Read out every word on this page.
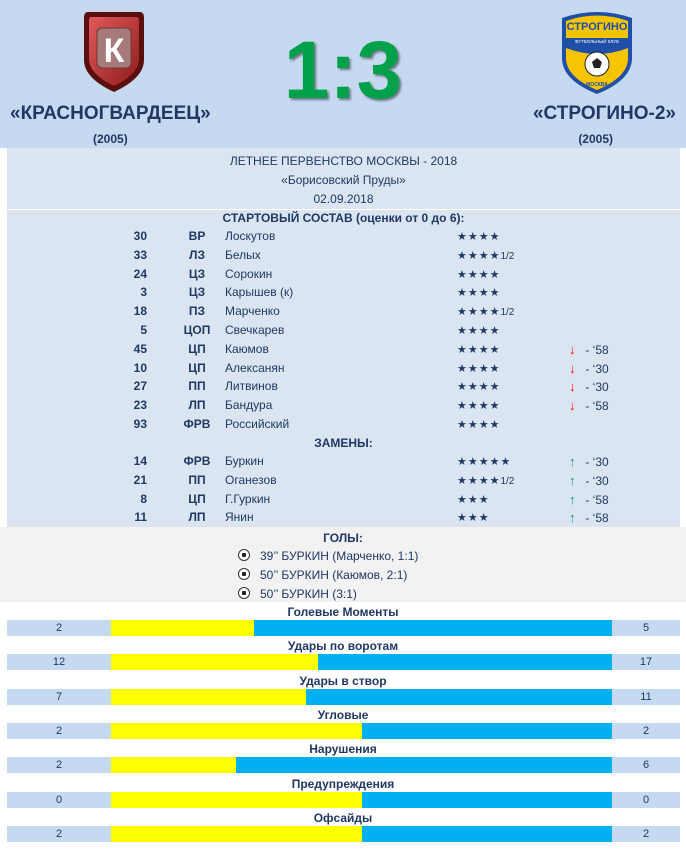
К	1:3	СТРОГИНО
ФУТБОЛЬНЫЙ КЛУБ
МОСКВА
«КРАСНОГВАРДЕЕЦ»
(2005)
«СТРОГИНО-2»
(2005)
ЛЕТНЕЕ ПЕРВЕНСТВО МОСКВЫ - 2018
«Борисовский Пруды»
02.09.2018
СТАРТОВЫЙ СОСТАВ (оценки от 0 до 6):
ЗАМЕНЫ:
30	ВР	Лоскутов	★★★★
33	ЛЗ	Белых	★★★★1/2
24	ЦЗ	Сорокин	★★★★
3	ЦЗ	Карышев (к)	★★★★
18	ПЗ	Марченко	★★★★1/2
5	ЦОП	Свечкарев	★★★★
45	ЦП	Каюмов	★★★★	↓ - ‘58
10	ЦП	Алексанян	★★★★	↓ - ‘30
27	ПП	Литвинов	★★★★	↓ - ‘30
23	ЛП	Бандура	★★★★	↓ - ‘58
93	ФРВ	Российский	★★★★
14	ФРВ	Буркин	★★★★★	↑ - ‘30
21	ПП	Оганезов	★★★★1/2	↑ - ‘30
8	ЦП	Г.Гуркин	★★★	↑ - ‘58
11	ЛП	Янин	★★★	↑ - ‘58
ГОЛЫ:
39’’ БУРКИН (Марченко, 1:1)
50’’ БУРКИН (Каюмов, 2:1)
50’’ БУРКИН (3:1)
Голевые Моменты
2	5
Удары по воротам
12	17
Удары в створ
7	11
Угловые
2	2
Нарушения
2	6
Предупреждения
0	0
Офсайды
2	2
